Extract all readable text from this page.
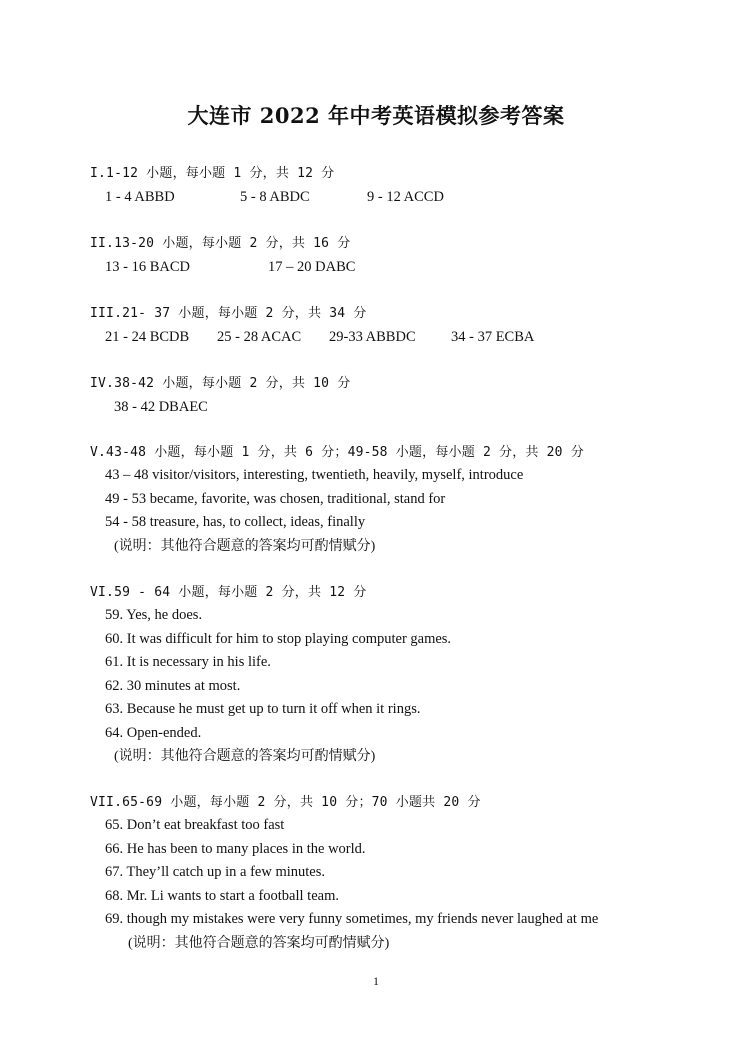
大连市 2022 年中考英语模拟参考答案
I.1-12 小题，每小题 1 分，共 12 分
1 - 4 ABBD	5 - 8 ABDC	9 - 12 ACCD
II.13-20 小题，每小题 2 分，共 16 分
13 - 16 BACD	17 – 20 DABC
III.21- 37 小题，每小题 2 分，共 34 分
21 - 24 BCDB	25 - 28 ACAC	29-33 ABBDC	34 - 37 ECBA
IV.38-42 小题，每小题 2 分，共 10 分
38 - 42 DBAEC
V.43-48 小题，每小题 1 分，共 6 分；49-58 小题，每小题 2 分，共 20 分
43 – 48 visitor/visitors, interesting, twentieth, heavily, myself, introduce
49 - 53 became, favorite, was chosen, traditional, stand for
54 - 58 treasure, has, to collect, ideas, finally
(说明：其他符合题意的答案均可酌情赋分)
VI.59 - 64 小题，每小题 2 分，共 12 分
59. Yes, he does.
60. It was difficult for him to stop playing computer games.
61. It is necessary in his life.
62. 30 minutes at most.
63. Because he must get up to turn it off when it rings.
64. Open-ended.
(说明：其他符合题意的答案均可酌情赋分)
VII.65-69 小题，每小题 2 分，共 10 分；70 小题共 20 分
65. Don’t eat breakfast too fast
66. He has been to many places in the world.
67. They’ll catch up in a few minutes.
68. Mr. Li wants to start a football team.
69. though my mistakes were very funny sometimes, my friends never laughed at me
(说明：其他符合题意的答案均可酌情赋分)
1
